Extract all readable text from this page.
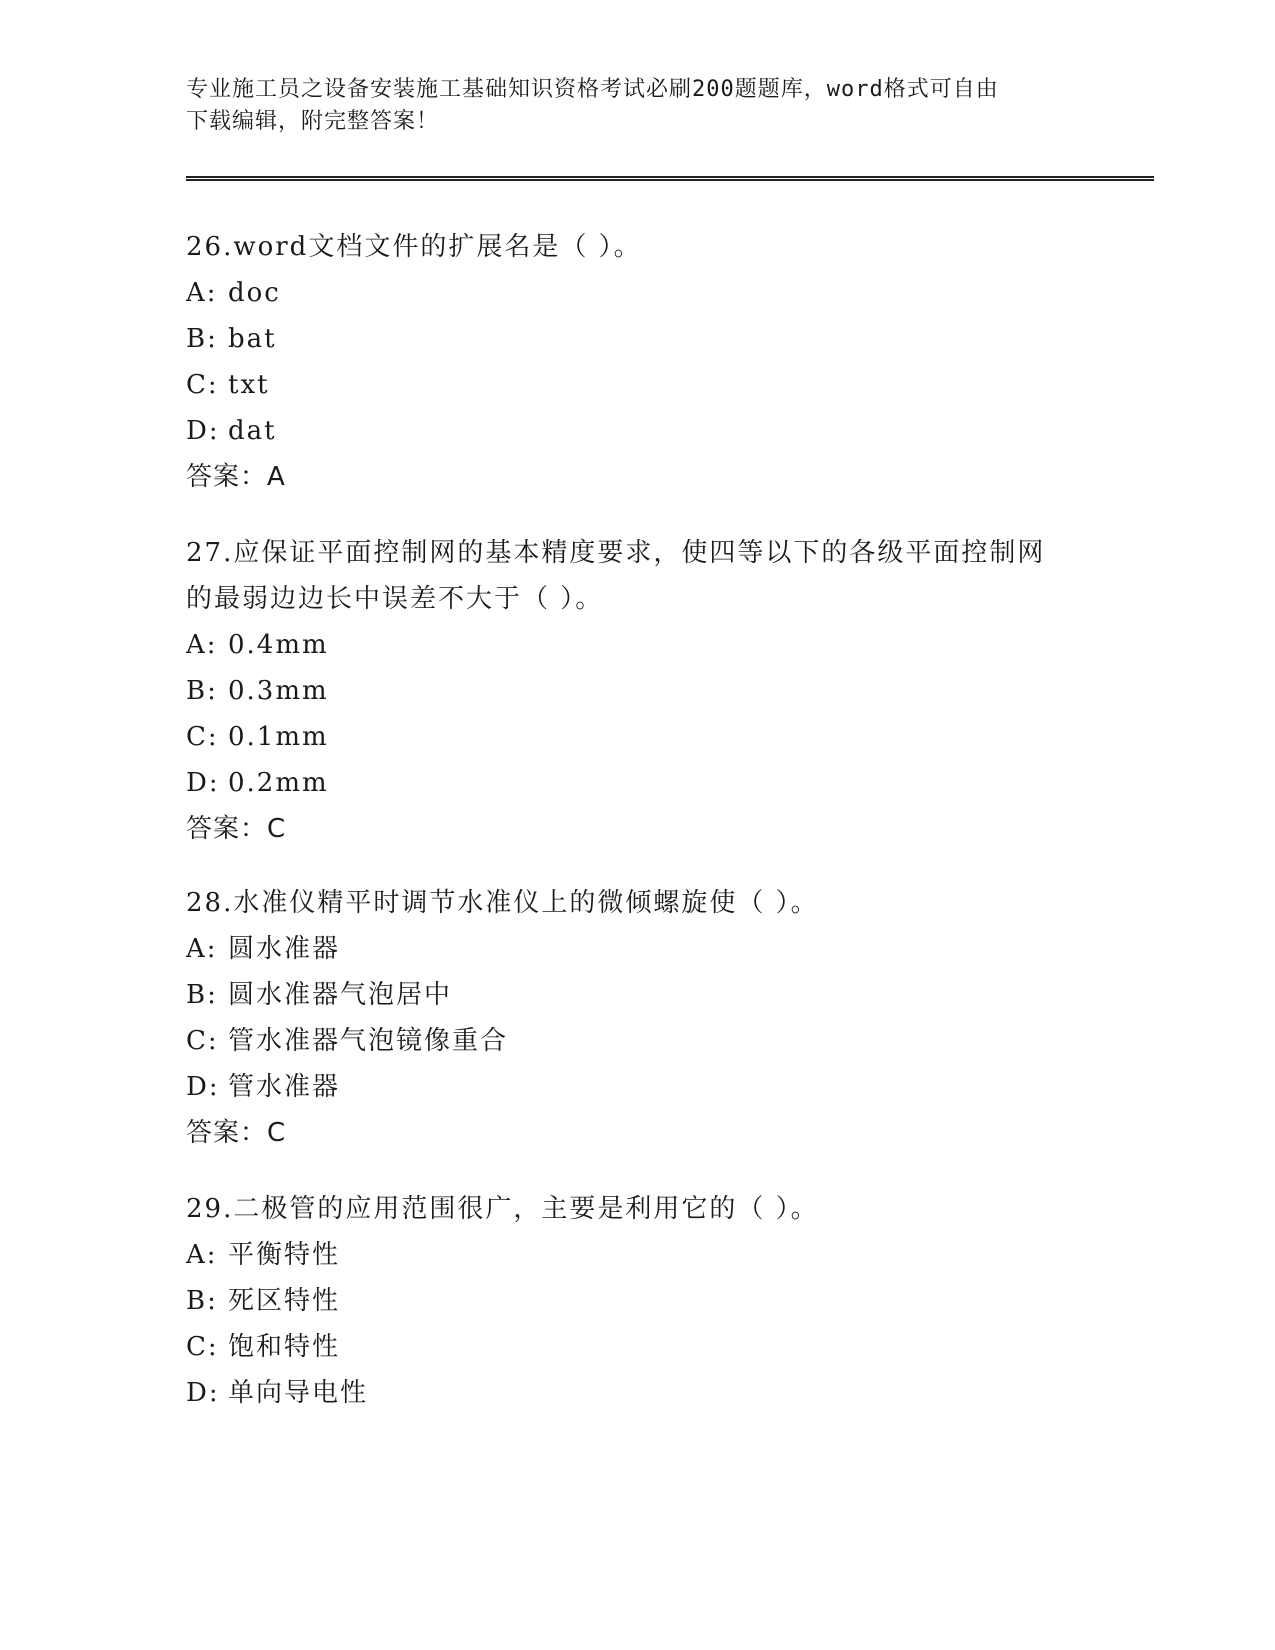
专业施工员之设备安装施工基础知识资格考试必刷200题题库，word格式可自由
下载编辑，附完整答案！

26.word文档文件的扩展名是（ ）。

A: doc

B: bat

C: txt

D: dat

答案：A

27.应保证平面控制网的基本精度要求，使四等以下的各级平面控制网

的最弱边边长中误差不大于（ ）。

A: 0.4mm

B: 0.3mm

C: 0.1mm

D: 0.2mm

答案：C

28.水准仪精平时调节水准仪上的微倾螺旋使（ ）。

A: 圆水准器

B: 圆水准器气泡居中

C: 管水准器气泡镜像重合

D: 管水准器

答案：C

29.二极管的应用范围很广，主要是利用它的（ ）。

A: 平衡特性

B: 死区特性

C: 饱和特性

D: 单向导电性
